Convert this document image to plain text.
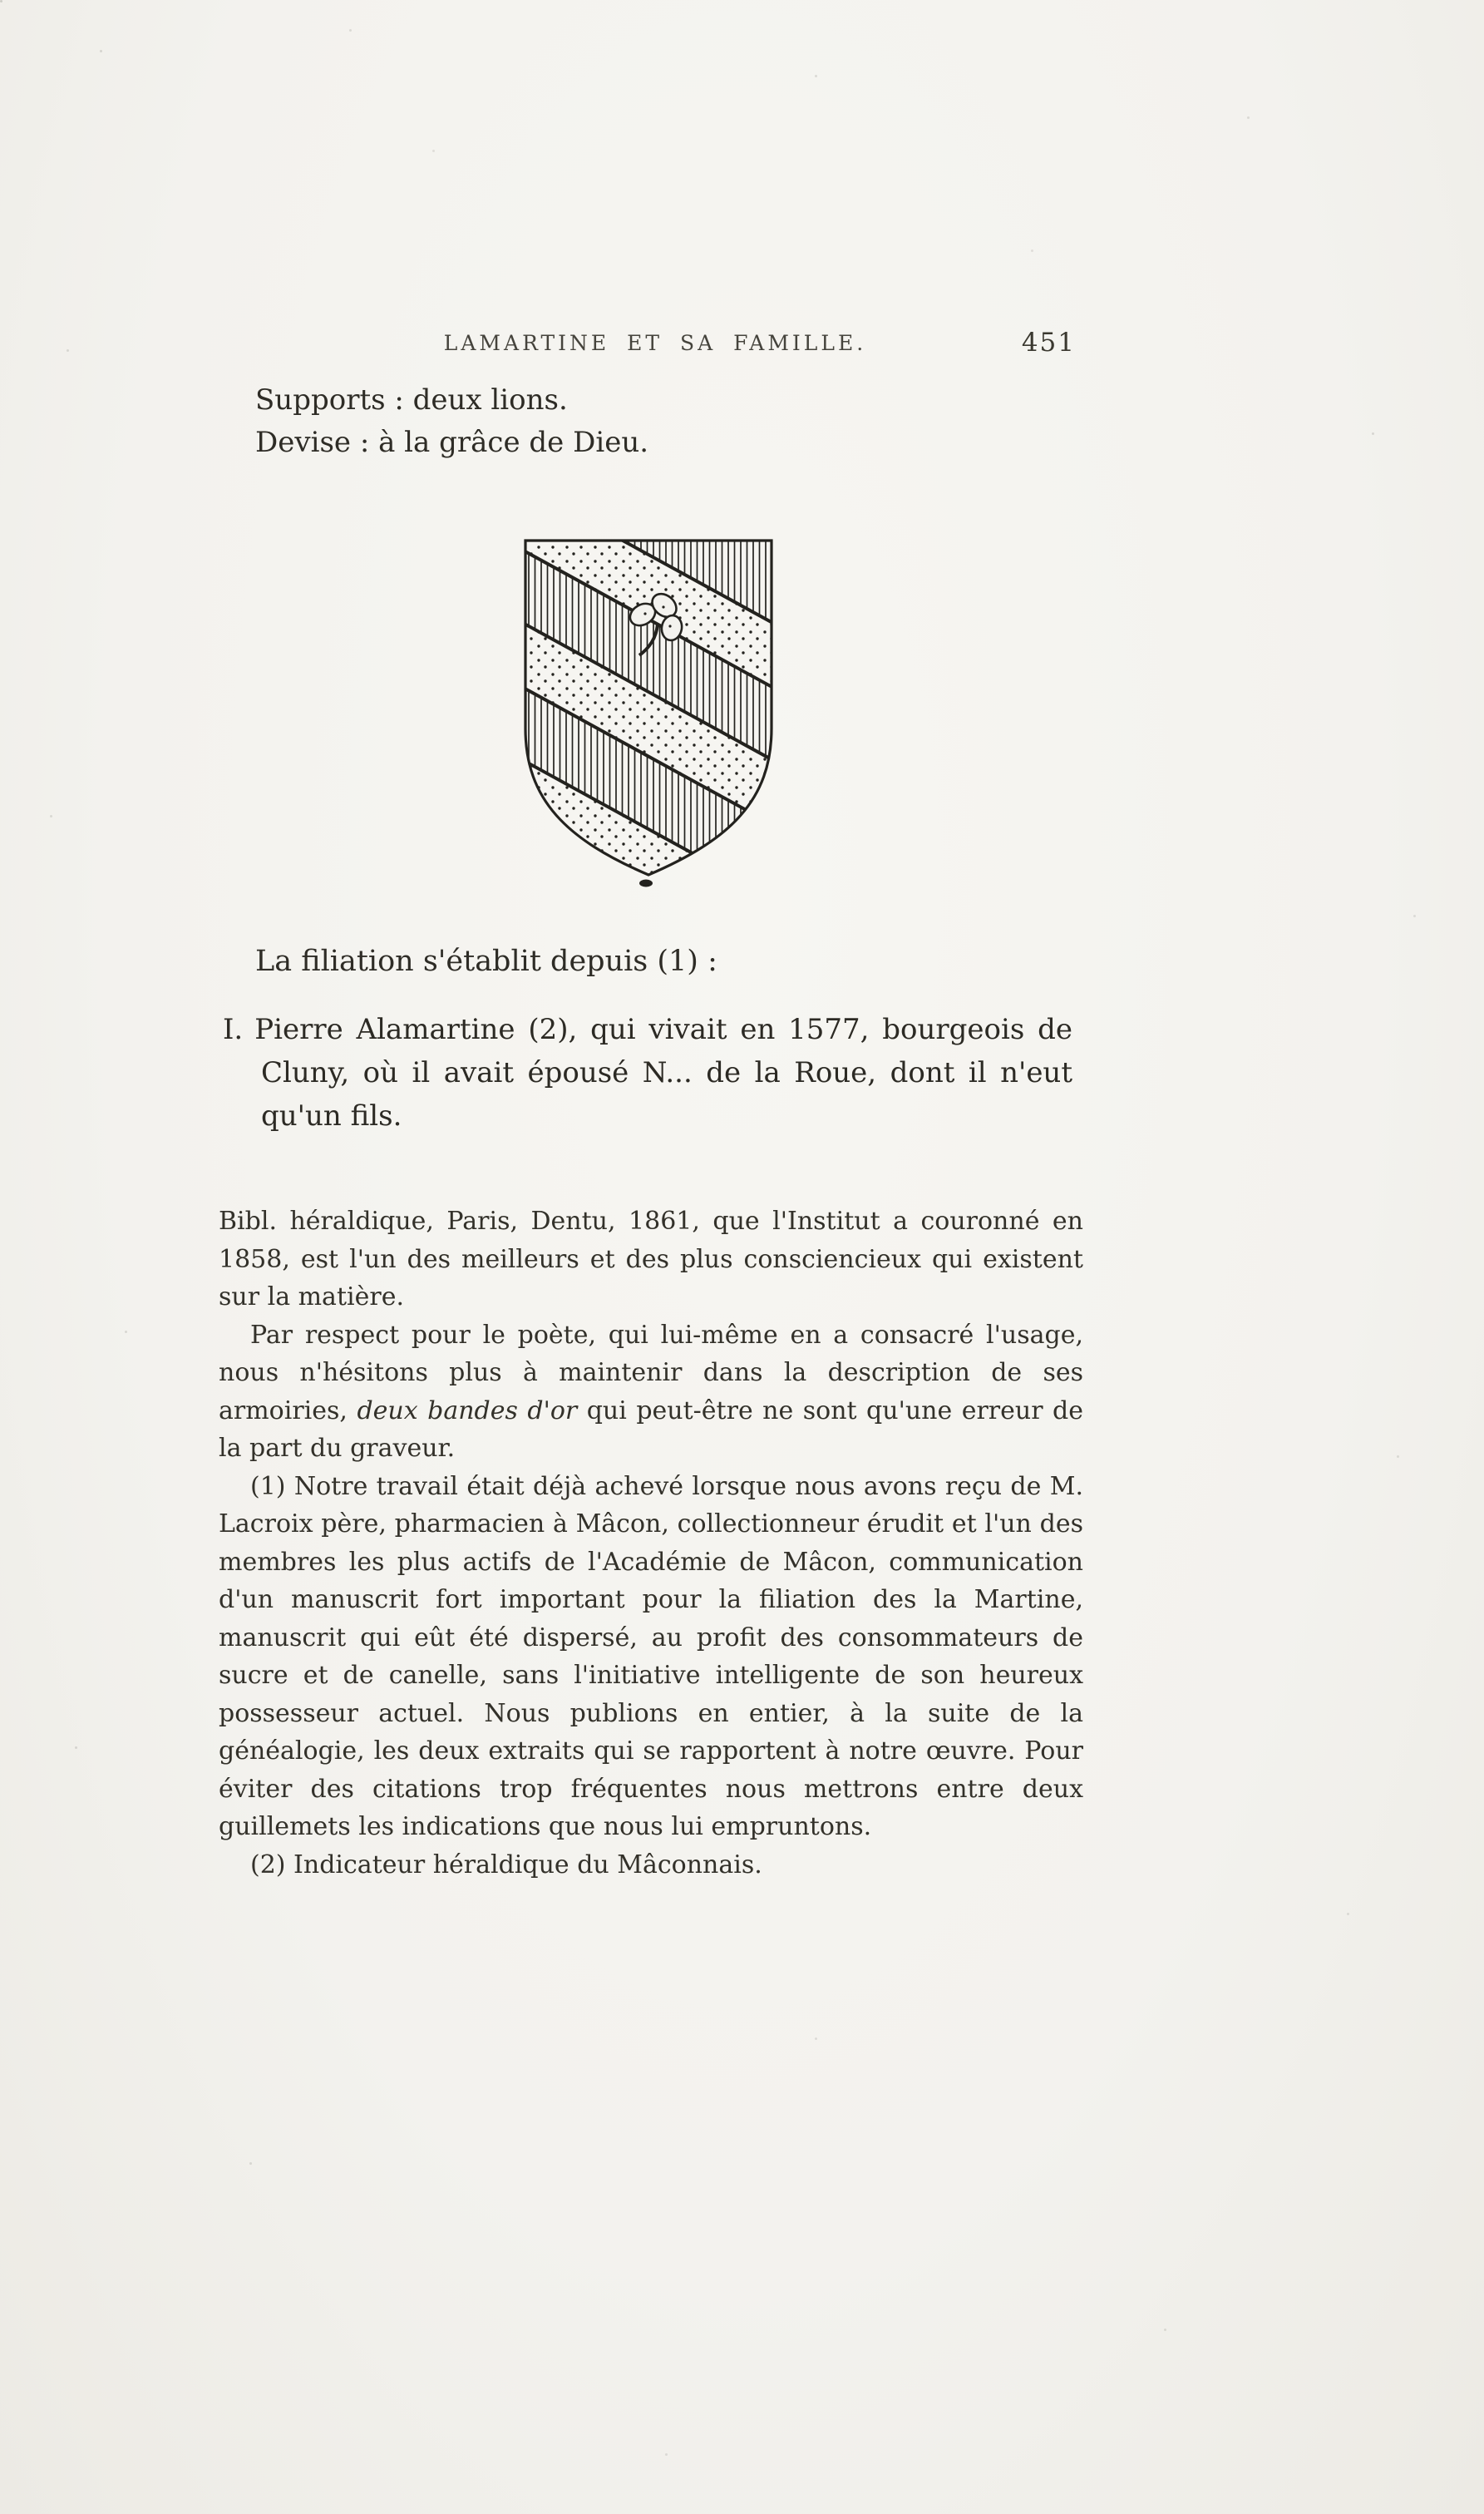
LAMARTINE ET SA FAMILLE.	451
Supports : deux lions.
Devise : à la grâce de Dieu.
La filiation s'établit depuis (1) :

I. Pierre Alamartine (2), qui vivait en 1577, bourgeois de Cluny, où il avait épousé N... de la Roue, dont il n'eut qu'un fils.

Bibl. héraldique, Paris, Dentu, 1861, que l'Institut a couronné en 1858, est l'un des meilleurs et des plus consciencieux qui existent sur la matière.

Par respect pour le poète, qui lui-même en a consacré l'usage, nous n'hésitons plus à maintenir dans la description de ses armoiries, deux bandes d'or qui peut-être ne sont qu'une erreur de la part du graveur.

(1) Notre travail était déjà achevé lorsque nous avons reçu de M. Lacroix père, pharmacien à Mâcon, collectionneur érudit et l'un des membres les plus actifs de l'Académie de Mâcon, communication d'un manuscrit fort important pour la filiation des la Martine, manuscrit qui eût été dispersé, au profit des consommateurs de sucre et de canelle, sans l'initiative intelligente de son heureux possesseur actuel. Nous publions en entier, à la suite de la généalogie, les deux extraits qui se rapportent à notre œuvre. Pour éviter des citations trop fréquentes nous mettrons entre deux guillemets les indications que nous lui empruntons.

(2) Indicateur héraldique du Mâconnais.
